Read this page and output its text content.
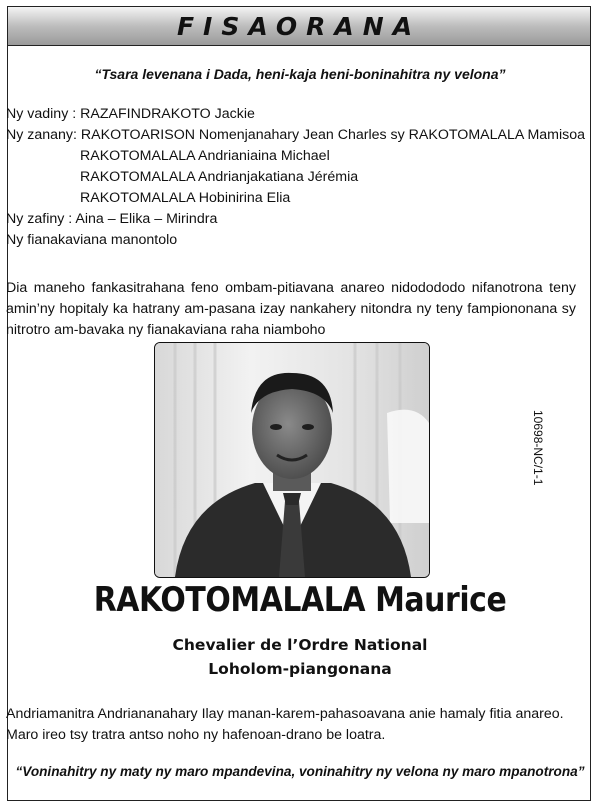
FISAORANA
“Tsara levenana i Dada, heni-kaja heni-boninahitra ny velona”
Ny vadiny : RAZAFINDRAKOTO Jackie
Ny zanany: RAKOTOARISON Nomenjanahary Jean Charles sy RAKOTOMALALA Mamisoa
RAKOTOMALALA Andrianiaina Michael
RAKOTOMALALA Andrianjakatiana Jérémia
RAKOTOMALALA Hobinirina Elia
Ny zafiny : Aina – Elika – Mirindra
Ny fianakaviana manontolo
Dia maneho fankasitrahana feno ombam-pitiavana anareo nidodododo nifanotrona teny amin’ny hopitaly ka hatrany am-pasana izay nankahery nitondra ny teny fampiononana sy nitrotro am-bavaka ny fianakaviana raha niamboho
10698-NC/1-1
RAKOTOMALALA Maurice
Chevalier de l’Ordre National
Loholom-piangonana
Andriamanitra Andriananahary Ilay manan-karem-pahasoavana anie hamaly fitia anareo. Maro ireo tsy tratra antso noho ny hafenoan-drano be loatra.
“Voninahitry ny maty ny maro mpandevina, voninahitry ny velona ny maro mpanotrona”
